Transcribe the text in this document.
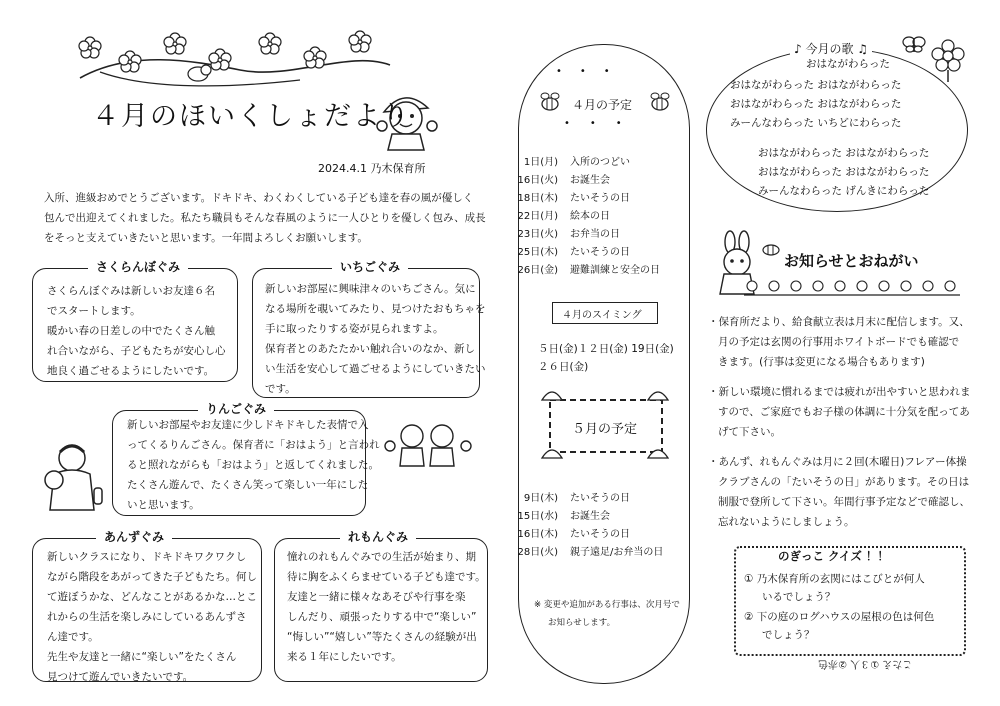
４月のほいくしょだより
2024.4.1 乃木保育所
入所、進級おめでとうございます。ドキドキ、わくわくしている子ども達を春の風が優しく
包んで出迎えてくれました。私たち職員もそんな春風のように一人ひとりを優しく包み、成長
をそっと支えていきたいと思います。一年間よろしくお願いします。
さくらんぼぐみは新しいお友達６名
でスタートします。
暖かい春の日差しの中でたくさん触
れ合いながら、子どもたちが安心し心
地良く過ごせるようにしたいです。
さくらんぼぐみ
新しいお部屋に興味津々のいちごさん。気に
なる場所を覗いてみたり、見つけたおもちゃを
手に取ったりする姿が見られますよ。
保育者とのあたたかい触れ合いのなか、新し
い生活を安心して過ごせるようにしていきたい
です。
いちごぐみ
新しいお部屋やお友達に少しドキドキした表情で入
ってくるりんごさん。保育者に「おはよう」と言われ
ると照れながらも「おはよう」と返してくれました。
たくさん遊んで、たくさん笑って楽しい一年にした
いと思います。
りんごぐみ
新しいクラスになり、ドキドキワクワクし
ながら階段をあがってきた子どもたち。何し
て遊ぼうかな、どんなことがあるかな…とこ
れからの生活を楽しみにしているあんずさ
ん達です。
先生や友達と一緒に“楽しい”をたくさん
見つけて遊んでいきたいです。
あんずぐみ
憧れのれもんぐみでの生活が始まり、期
待に胸をふくらませている子ども達です。
友達と一緒に様々なあそびや行事を楽
しんだり、頑張ったりする中で“楽しい”
“悔しい”“嬉しい”等たくさんの経験が出
来る１年にしたいです。
れもんぐみ
•••
４月の予定
•••
1日(月) 入所のつどい
16日(火) お誕生会
18日(木) たいそうの日
22日(月) 絵本の日
23日(火) お弁当の日
25日(木) たいそうの日
26日(金) 避難訓練と安全の日
４月のスイミング
５日(金)１２日(金) 19日(金)
２６日(金)
５月の予定
9日(木) たいそうの日
15日(水) お誕生会
16日(木) たいそうの日
28日(火) 親子遠足/お弁当の日
※ 変更や追加がある行事は、次月号で
お知らせします。
♪ 今月の歌 ♫
おはながわらった
おはながわらった おはながわらった
おはながわらった おはながわらった
みーんなわらった いちどにわらった
おはながわらった おはながわらった
おはながわらった おはながわらった
みーんなわらった げんきにわらった
お知らせとおねがい
・保育所だより、給食献立表は月末に配信します。又、
月の予定は玄関の行事用ホワイトボードでも確認で
きます。(行事は変更になる場合もあります)
・新しい環境に慣れるまでは疲れが出やすいと思われま
すので、ご家庭でもお子様の体調に十分気を配ってあ
げて下さい。
・あんず、れもんぐみは月に２回(木曜日)フレアー体操
クラブさんの「たいそうの日」があります。その日は
制服で登所して下さい。年間行事予定などで確認し、
忘れないようにしましょう。
のぎっこ クイズ ！！
① 乃木保育所の玄関にはこびとが何人
いるでしょう？
② 下の庭のログハウスの屋根の色は何色
でしょう？
こたえ ①３人 ②赤色
